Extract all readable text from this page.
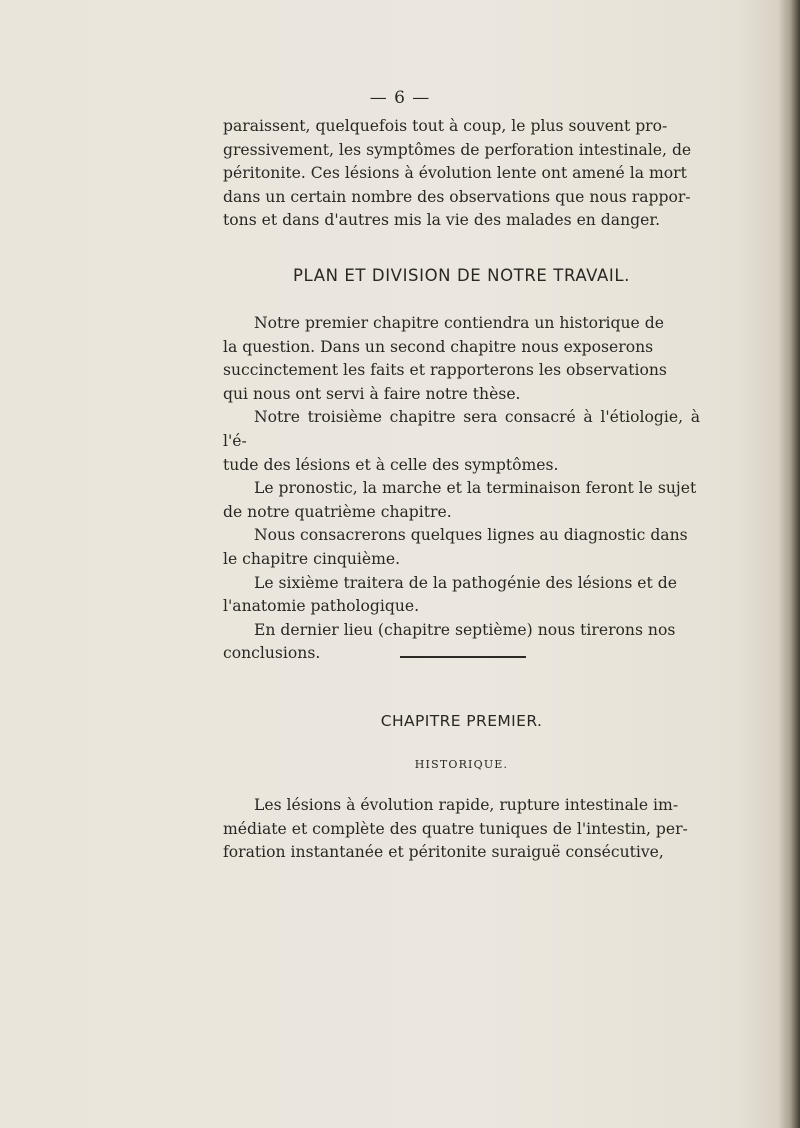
— 6 —

paraissent, quelquefois tout à coup, le plus souvent pro-

gressivement, les symptômes de perforation intestinale, de

péritonite. Ces lésions à évolution lente ont amené la mort

dans un certain nombre des observations que nous rappor-

tons et dans d'autres mis la vie des malades en danger.

PLAN ET DIVISION DE NOTRE TRAVAIL.

Notre premier chapitre contiendra un historique de

la question. Dans un second chapitre nous exposerons

succinctement les faits et rapporterons les observations

qui nous ont servi à faire notre thèse.

Notre troisième chapitre sera consacré à l'étiologie, à l'é-

tude des lésions et à celle des symptômes.

Le pronostic, la marche et la terminaison feront le sujet

de notre quatrième chapitre.

Nous consacrerons quelques lignes au diagnostic dans

le chapitre cinquième.

Le sixième traitera de la pathogénie des lésions et de

l'anatomie pathologique.

En dernier lieu (chapitre septième) nous tirerons nos

conclusions.

CHAPITRE PREMIER.
HISTORIQUE.

Les lésions à évolution rapide, rupture intestinale im-

médiate et complète des quatre tuniques de l'intestin, per-

foration instantanée et péritonite suraiguë consécutive,
